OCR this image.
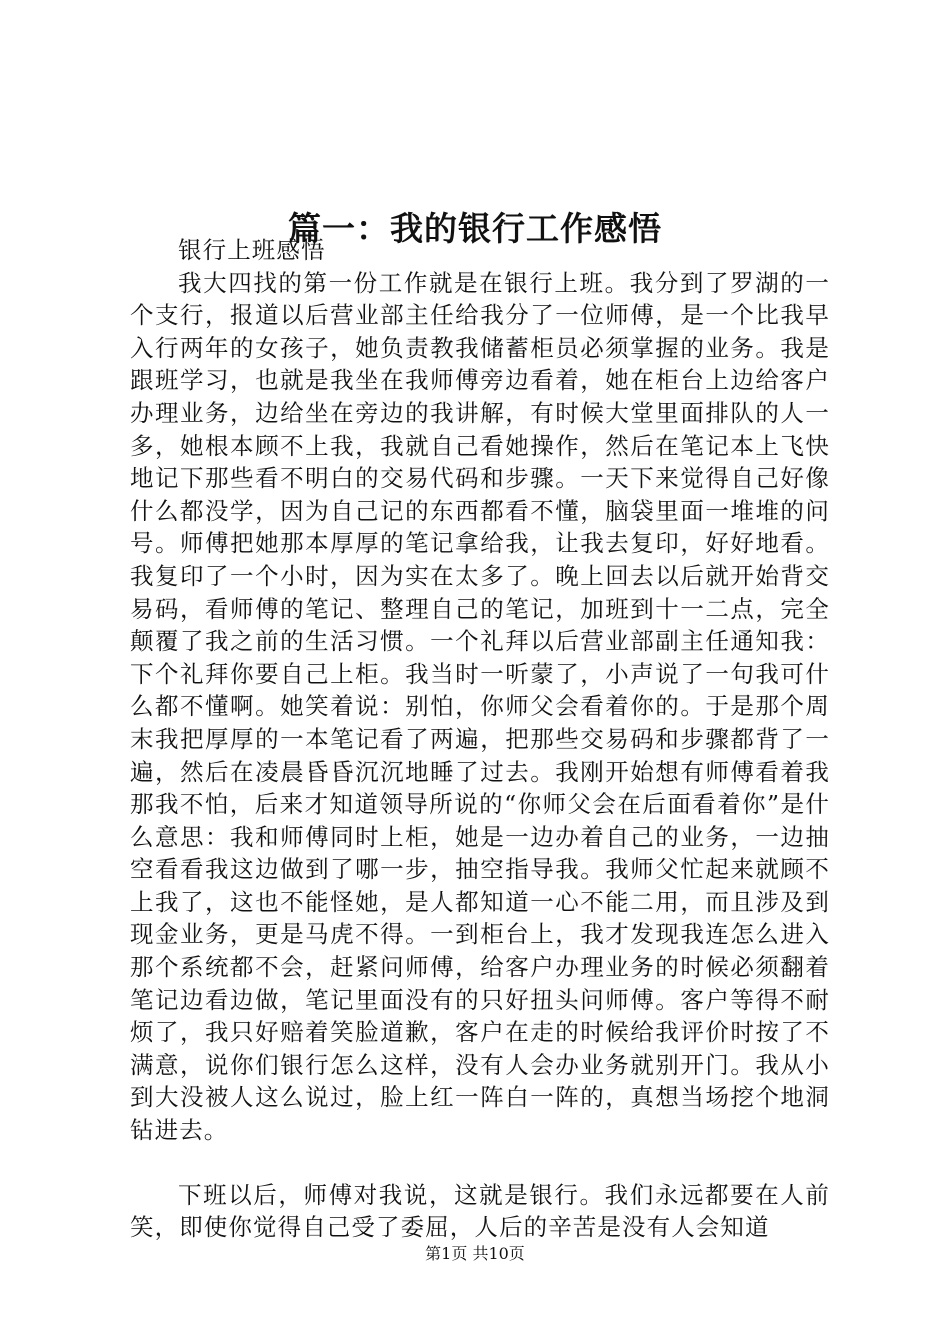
篇一：我的银行工作感悟

银行上班感悟

我大四找的第一份工作就是在银行上班。我分到了罗湖的一个支行，报道以后营业部主任给我分了一位师傅，是一个比我早入行两年的女孩子，她负责教我储蓄柜员必须掌握的业务。我是跟班学习，也就是我坐在我师傅旁边看着，她在柜台上边给客户办理业务，边给坐在旁边的我讲解，有时候大堂里面排队的人一多，她根本顾不上我，我就自己看她操作，然后在笔记本上飞快地记下那些看不明白的交易代码和步骤。一天下来觉得自己好像什么都没学，因为自己记的东西都看不懂，脑袋里面一堆堆的问号。师傅把她那本厚厚的笔记拿给我，让我去复印，好好地看。我复印了一个小时，因为实在太多了。晚上回去以后就开始背交易码，看师傅的笔记、整理自己的笔记，加班到十一二点，完全颠覆了我之前的生活习惯。一个礼拜以后营业部副主任通知我：下个礼拜你要自己上柜。我当时一听蒙了，小声说了一句我可什么都不懂啊。她笑着说：别怕，你师父会看着你的。于是那个周末我把厚厚的一本笔记看了两遍，把那些交易码和步骤都背了一遍，然后在凌晨昏昏沉沉地睡了过去。我刚开始想有师傅看着我那我不怕，后来才知道领导所说的“你师父会在后面看着你”是什么意思：我和师傅同时上柜，她是一边办着自己的业务，一边抽空看看我这边做到了哪一步，抽空指导我。我师父忙起来就顾不上我了，这也不能怪她，是人都知道一心不能二用，而且涉及到现金业务，更是马虎不得。一到柜台上，我才发现我连怎么进入那个系统都不会，赶紧问师傅，给客户办理业务的时候必须翻着笔记边看边做，笔记里面没有的只好扭头问师傅。客户等得不耐烦了，我只好赔着笑脸道歉，客户在走的时候给我评价时按了不满意，说你们银行怎么这样，没有人会办业务就别开门。我从小到大没被人这么说过，脸上红一阵白一阵的，真想当场挖个地洞钻进去。

下班以后，师傅对我说，这就是银行。我们永远都要在人前笑，即使你觉得自己受了委屈，人后的辛苦是没有人会知道

第1页 共10页
